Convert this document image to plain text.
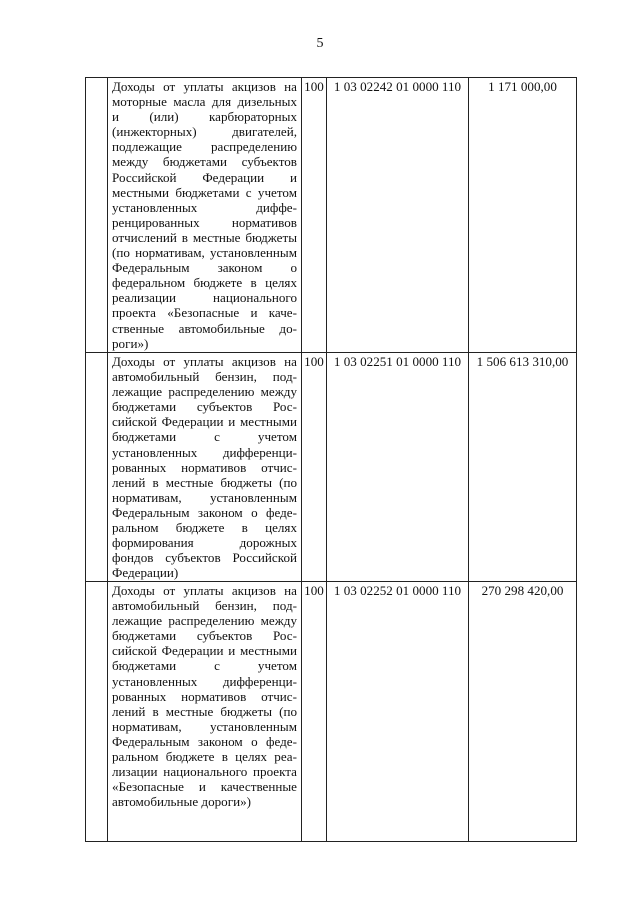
5
	Доходы от уплаты акцизов на моторные масла для дизельных и (или) карбюраторных (инжекторных) двигателей, подлежащие распределению между бюджетами субъектов Российской Федерации и местными бюджетами с учетом установленных дифференцированных нормативов отчислений в местные бюджеты (по нормативам, установленным Федеральным законом о федеральном бюджете в целях реализации национального проекта «Безопасные и качественные автомобильные дороги»)	100	1 03 02242 01 0000 110	1 171 000,00
	Доходы от уплаты акцизов на автомобильный бензин, подлежащие распределению между бюджетами субъектов Российской Федерации и местными бюджетами с учетом установленных дифференцированных нормативов отчислений в местные бюджеты (по нормативам, установленным Федеральным законом о федеральном бюджете в целях формирования дорожных фондов субъектов Российской Федерации)	100	1 03 02251 01 0000 110	1 506 613 310,00
	Доходы от уплаты акцизов на автомобильный бензин, подлежащие распределению между бюджетами субъектов Российской Федерации и местными бюджетами с учетом установленных дифференцированных нормативов отчислений в местные бюджеты (по нормативам, установленным Федеральным законом о федеральном бюджете в целях реализации национального проекта «Безопасные и качественные автомобильные дороги»)	100	1 03 02252 01 0000 110	270 298 420,00
